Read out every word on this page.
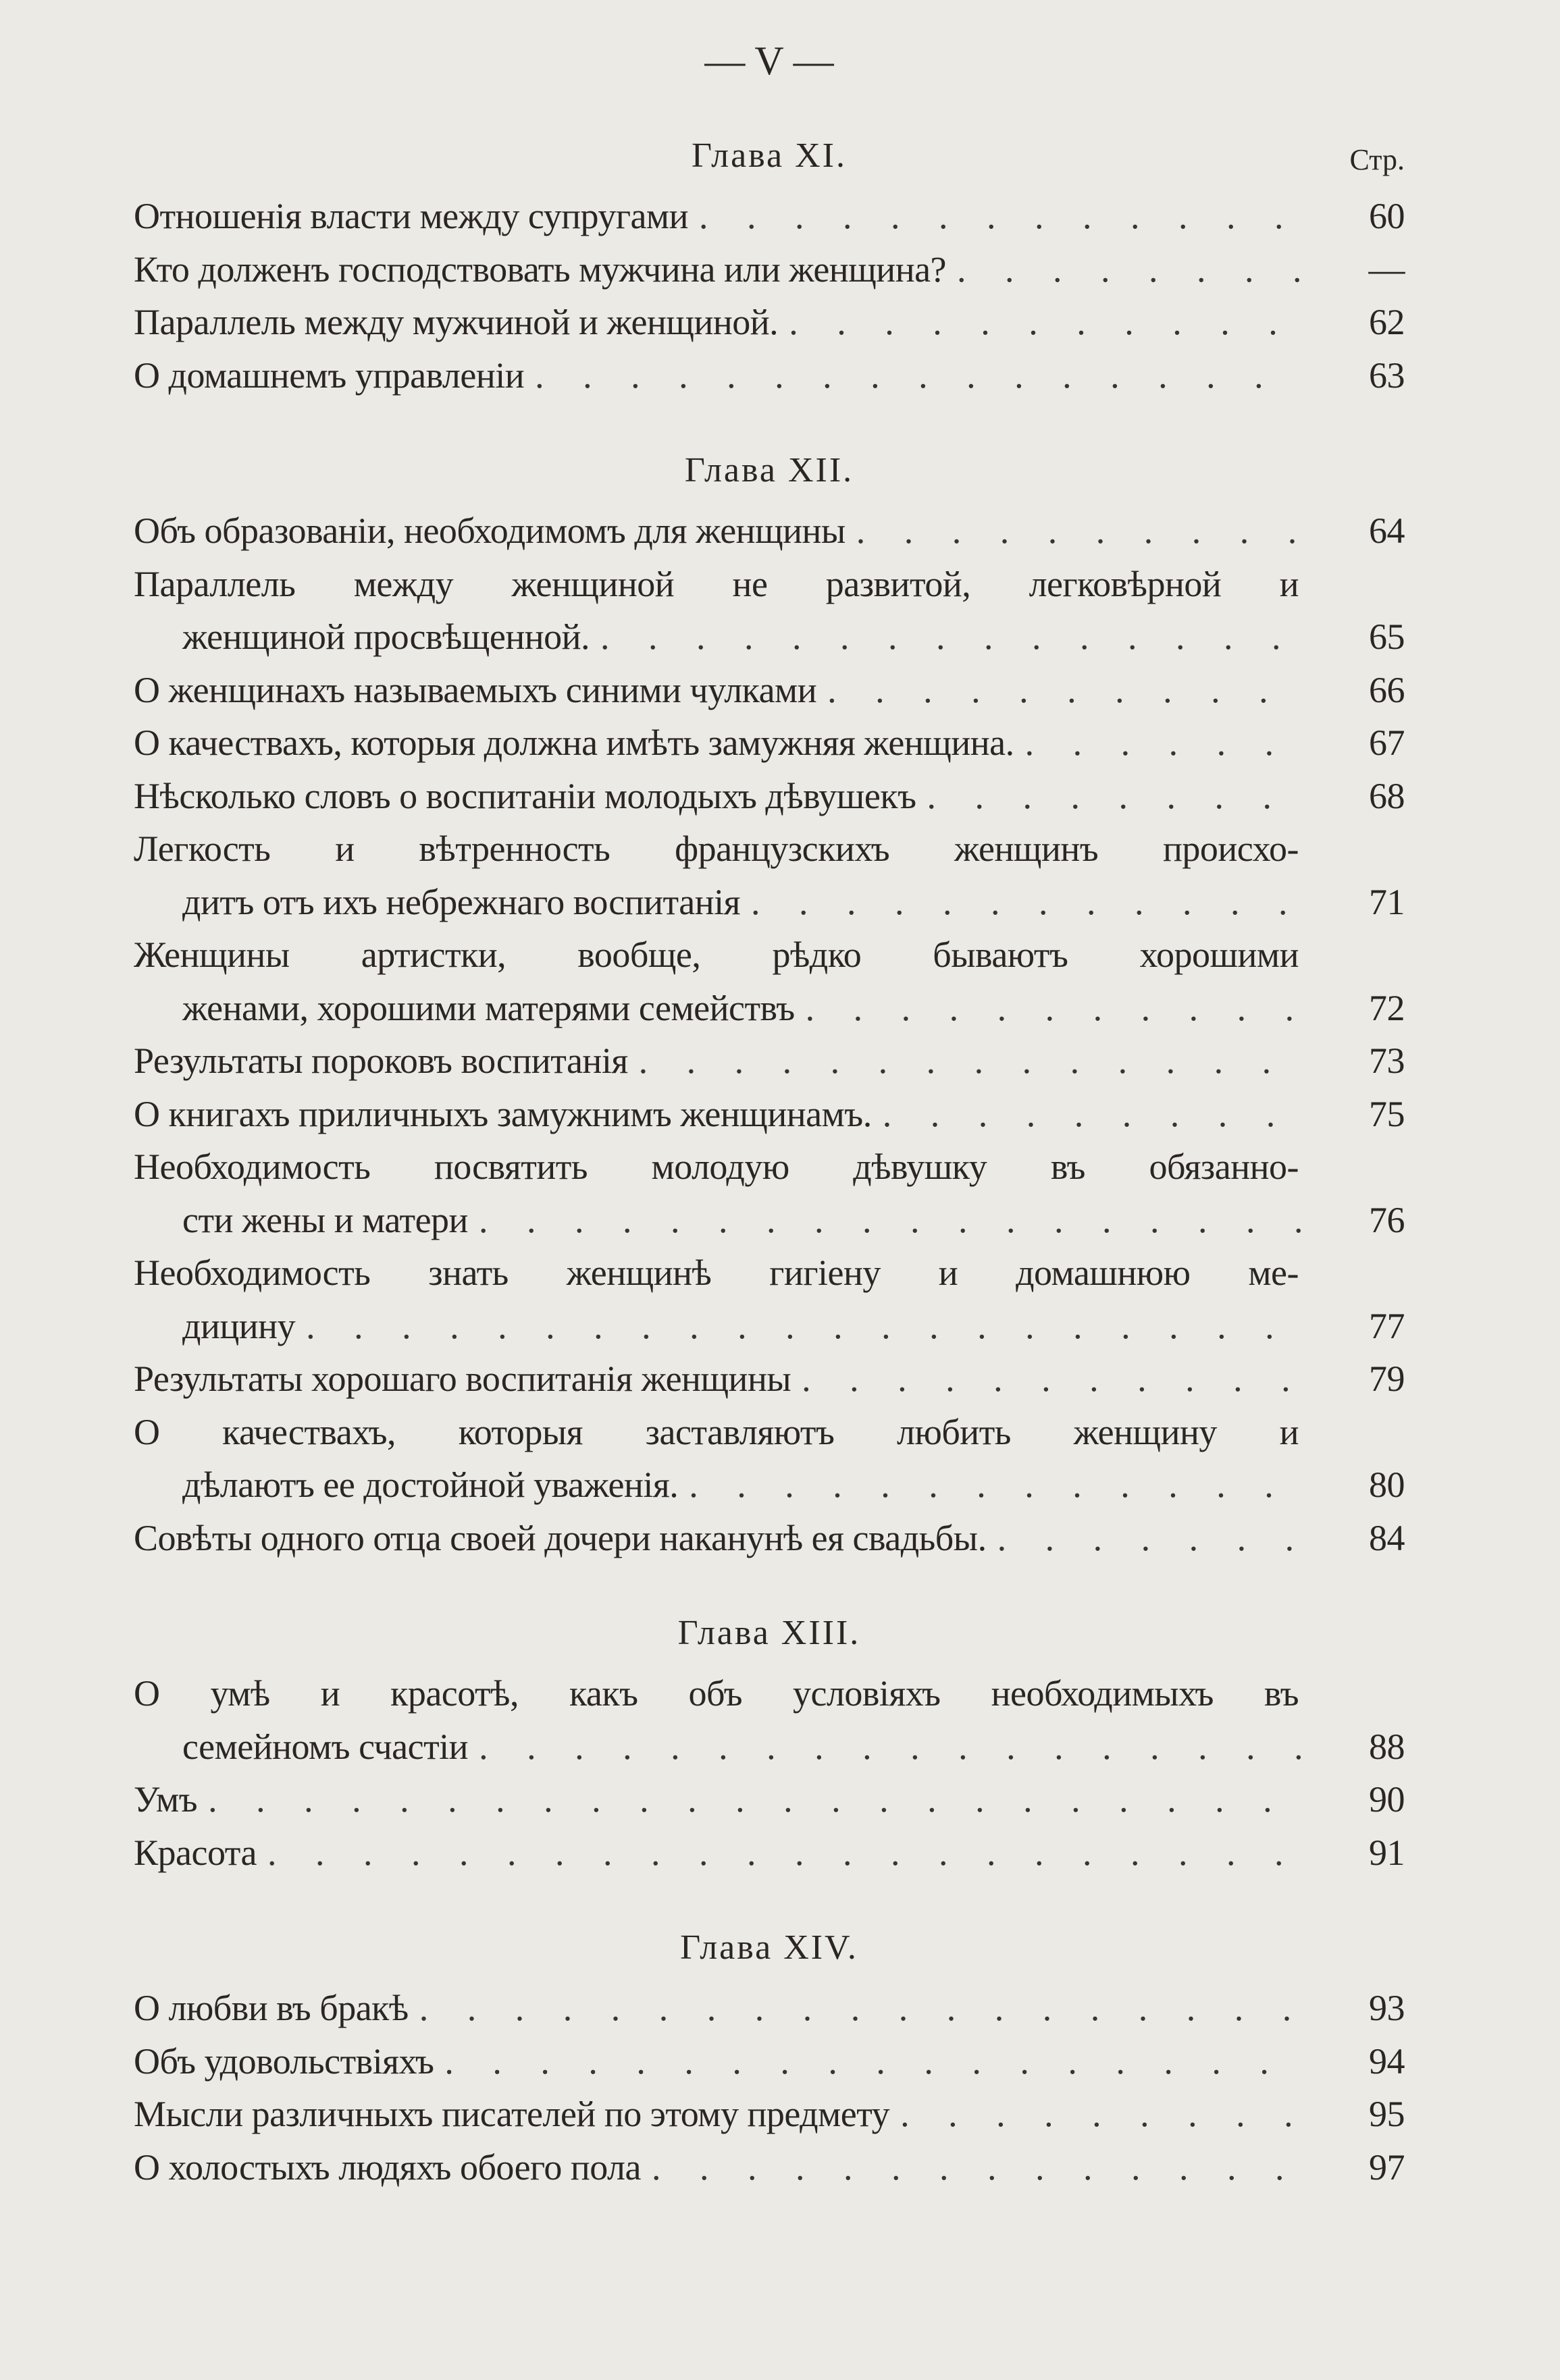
— V —
Глава XI.	Стр.
Отношенія власти между супругами . . .	60
Кто долженъ господствовать мужчина или женщина? . . .	—
Параллель между мужчиной и женщиной. . . .	62
О домашнемъ управленіи . . .	63
Глава XII.
Объ образованіи, необходимомъ для женщины . . .	64
Параллель между женщиной не развитой, легковѣрной и
женщиной просвѣщенной. . . .	65
О женщинахъ называемыхъ синими чулками . . .	66
О качествахъ, которыя должна имѣть замужняя женщина. . . .	67
Нѣсколько словъ о воспитаніи молодыхъ дѣвушекъ . . .	68
Легкость и вѣтренность французскихъ женщинъ происхо-
дитъ отъ ихъ небрежнаго воспитанія . . .	71
Женщины артистки, вообще, рѣдко бываютъ хорошими
женами, хорошими матерями семействъ . . .	72
Результаты пороковъ воспитанія . . .	73
О книгахъ приличныхъ замужнимъ женщинамъ. . . .	75
Необходимость посвятить молодую дѣвушку въ обязанно-
сти жены и матери . . .	76
Необходимость знать женщинѣ гигіену и домашнюю ме-
дицину . . .	77
Результаты хорошаго воспитанія женщины . . .	79
О качествахъ, которыя заставляютъ любить женщину и
дѣлаютъ ее достойной уваженія. . . .	80
Совѣты одного отца своей дочери наканунѣ ея свадьбы. . . .	84
Глава XIII.
О умѣ и красотѣ, какъ объ условіяхъ необходимыхъ въ
семейномъ счастіи . . .	88
Умъ . . .	90
Красота . . .	91
Глава XIV.
О любви въ бракѣ . . .	93
Объ удовольствіяхъ . . .	94
Мысли различныхъ писателей по этому предмету . . .	95
О холостыхъ людяхъ обоего пола . . .	97
